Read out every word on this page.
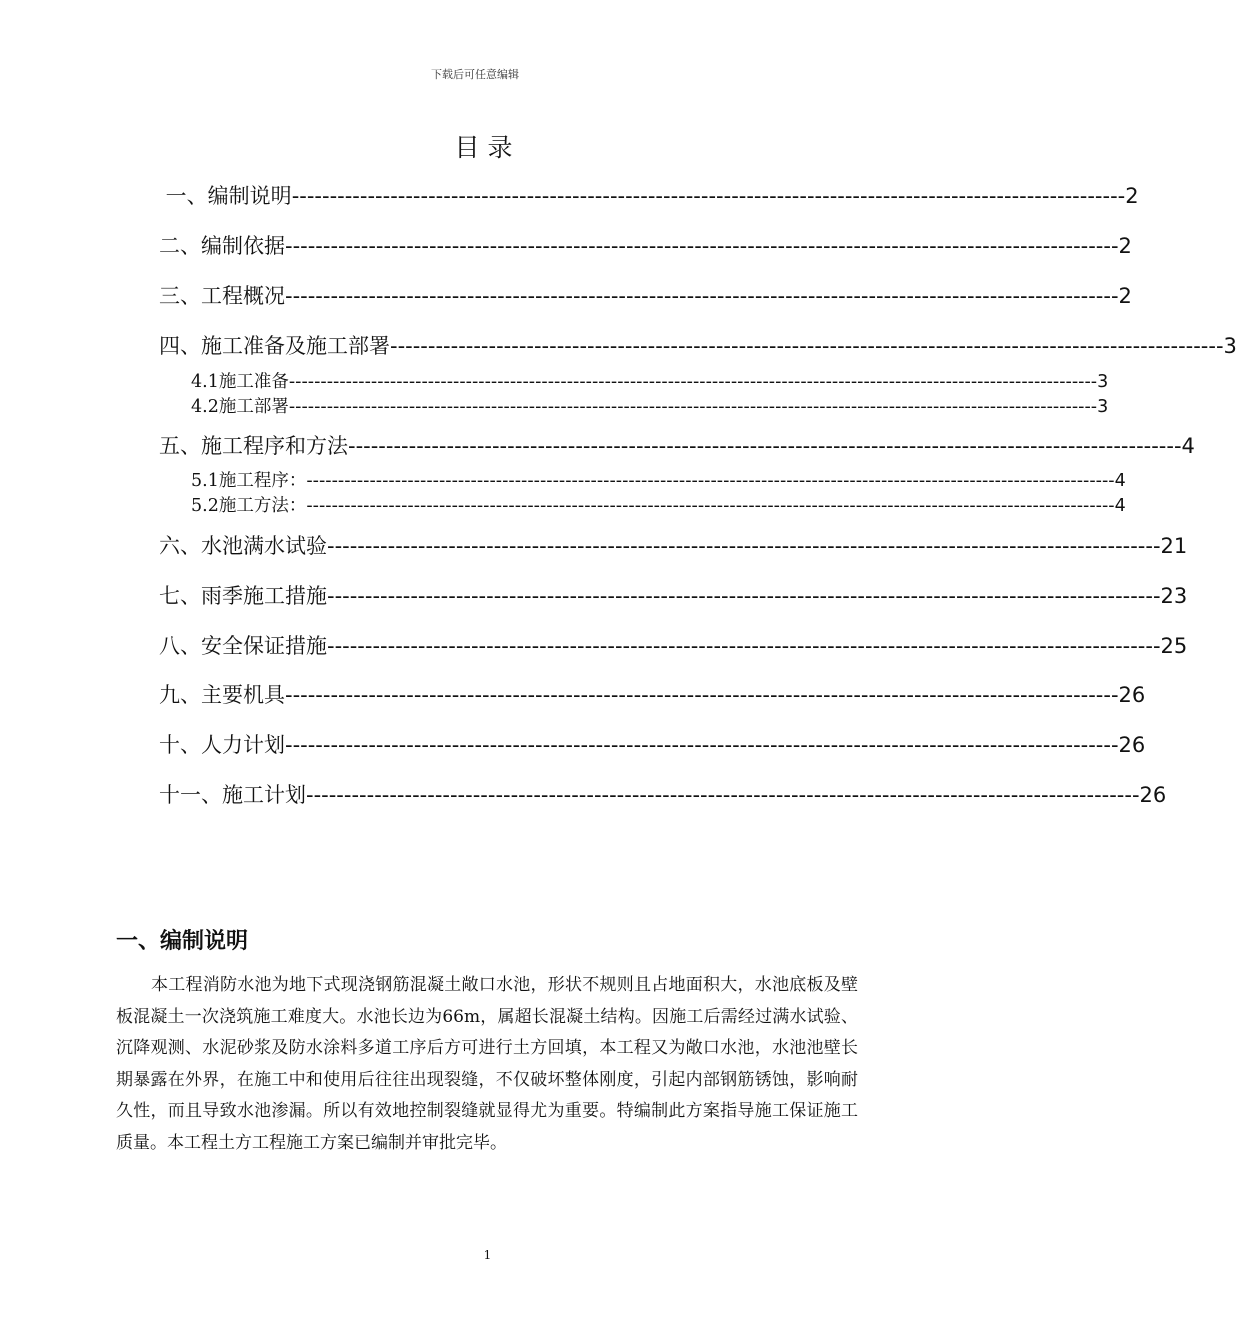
下载后可任意编辑
目录
一、编制说明 -------------------------------------------------------------------------------------------------------------- 2
二、编制依据 -------------------------------------------------------------------------------------------------------------- 2
三、工程概况 -------------------------------------------------------------------------------------------------------------- 2
四、施工准备及施工部署 -------------------------------------------------------------------------------------------------------------- 3
4.1施工准备 -------------------------------------------------------------------------------------------------------------------------------- 3
4.2施工部署 -------------------------------------------------------------------------------------------------------------------------------- 3
五、施工程序和方法 -------------------------------------------------------------------------------------------------------------- 4
5.1施工程序： -------------------------------------------------------------------------------------------------------------------------------- 4
5.2施工方法： -------------------------------------------------------------------------------------------------------------------------------- 4
六、水池满水试验 -------------------------------------------------------------------------------------------------------------- 21
七、雨季施工措施 -------------------------------------------------------------------------------------------------------------- 23
八、安全保证措施 -------------------------------------------------------------------------------------------------------------- 25
九、主要机具 -------------------------------------------------------------------------------------------------------------- 26
十、人力计划 -------------------------------------------------------------------------------------------------------------- 26
十一、施工计划 -------------------------------------------------------------------------------------------------------------- 26
一、编制说明

本工程消防水池为地下式现浇钢筋混凝土敞口水池，形状不规则且占地面积大，水池底板及壁板混凝土一次浇筑施工难度大。水池长边为66m，属超长混凝土结构。因施工后需经过满水试验、沉降观测、水泥砂浆及防水涂料多道工序后方可进行土方回填，本工程又为敞口水池，水池池壁长期暴露在外界，在施工中和使用后往往出现裂缝，不仅破坏整体刚度，引起内部钢筋锈蚀，影响耐久性，而且导致水池渗漏。所以有效地控制裂缝就显得尤为重要。特编制此方案指导施工保证施工质量。本工程土方工程施工方案已编制并审批完毕。

1
